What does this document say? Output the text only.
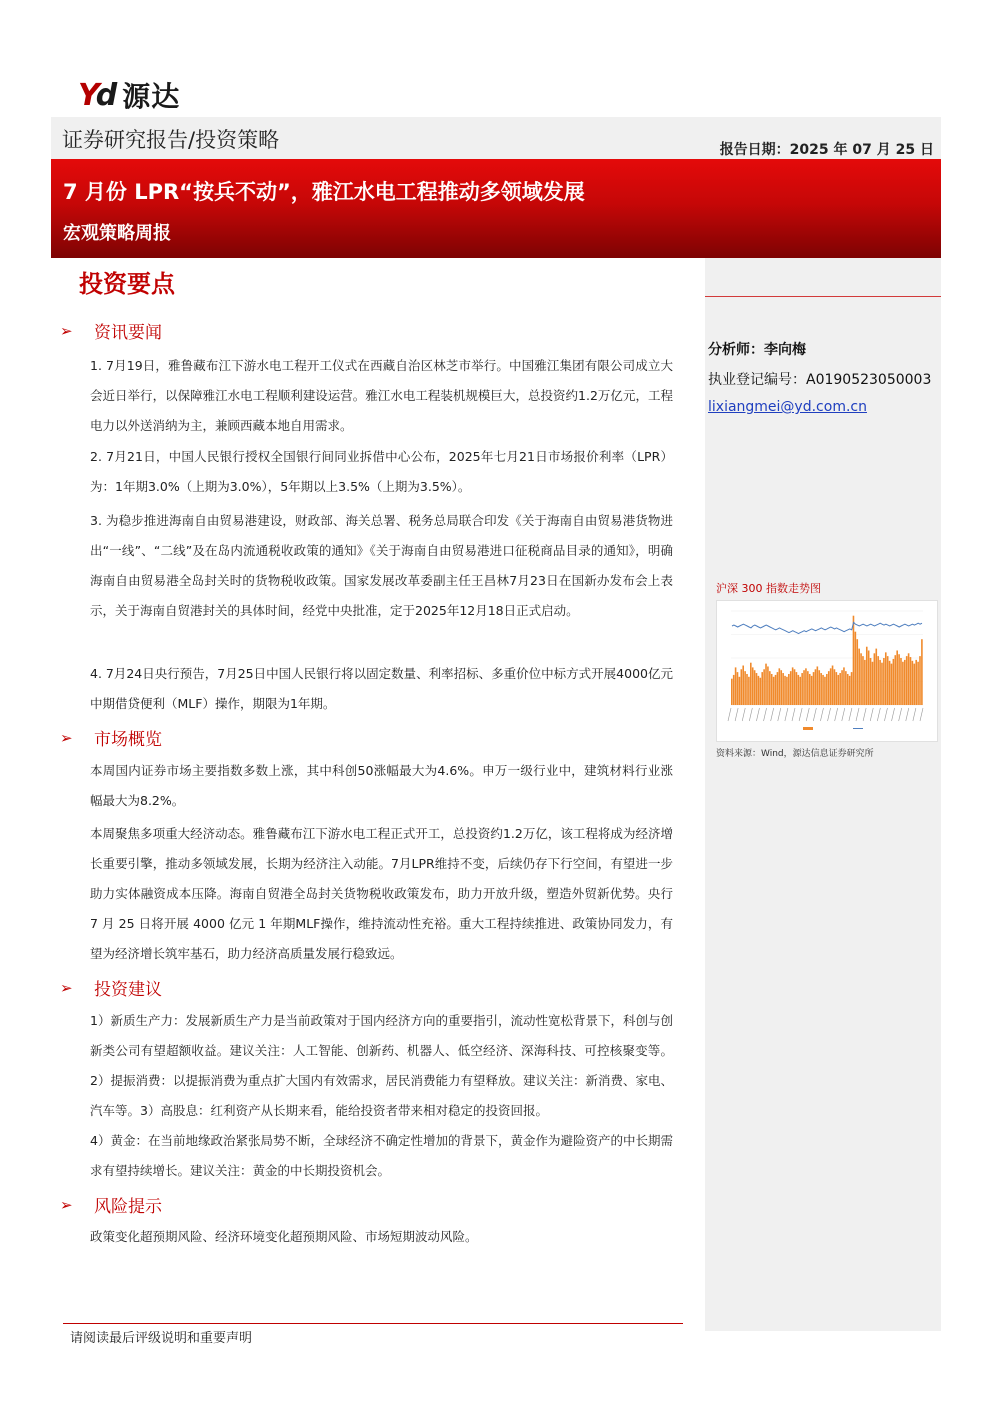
Y
d 源达
证券研究报告/投资策略	报告日期：2025 年 07 月 25 日
7 月份 LPR“按兵不动”，雅江水电工程推动多领域发展
宏观策略周报
分析师：李向梅
执业登记编号：A0190523050003
lixiangmei@yd.com.cn
沪深 300 指数走势图
资料来源：Wind，源达信息证券研究所
投资要点
➢	资讯要闻

1. 7月19日，雅鲁藏布江下游水电工程开工仪式在西藏自治区林芝市举行。中国雅江集团有限公司成立大会近日举行，以保障雅江水电工程顺利建设运营。雅江水电工程装机规模巨大，总投资约1.2万亿元，工程电力以外送消纳为主，兼顾西藏本地自用需求。

2. 7月21日，中国人民银行授权全国银行间同业拆借中心公布，2025年七月21日市场报价利率（LPR）为：1年期3.0%（上期为3.0%），5年期以上3.5%（上期为3.5%）。

3. 为稳步推进海南自由贸易港建设，财政部、海关总署、税务总局联合印发《关于海南自由贸易港货物进出“一线”、“二线”及在岛内流通税收政策的通知》《关于海南自由贸易港进口征税商品目录的通知》，明确海南自由贸易港全岛封关时的货物税收政策。国家发展改革委副主任王昌林7月23日在国新办发布会上表示，关于海南自贸港封关的具体时间，经党中央批准，定于2025年12月18日正式启动。

4. 7月24日央行预告，7月25日中国人民银行将以固定数量、利率招标、多重价位中标方式开展4000亿元中期借贷便利（MLF）操作，期限为1年期。

➢	市场概览

本周国内证券市场主要指数多数上涨，其中科创50涨幅最大为4.6%。申万一级行业中，建筑材料行业涨幅最大为8.2%。

本周聚焦多项重大经济动态。雅鲁藏布江下游水电工程正式开工，总投资约1.2万亿，该工程将成为经济增长重要引擎，推动多领域发展，长期为经济注入动能。7月LPR维持不变，后续仍存下行空间，有望进一步助力实体融资成本压降。海南自贸港全岛封关货物税收政策发布，助力开放升级，塑造外贸新优势。央行 7 月 25 日将开展 4000 亿元 1 年期MLF操作，维持流动性充裕。重大工程持续推进、政策协同发力，有望为经济增长筑牢基石，助力经济高质量发展行稳致远。

➢	投资建议

1）新质生产力：发展新质生产力是当前政策对于国内经济方向的重要指引，流动性宽松背景下，科创与创新类公司有望超额收益。建议关注：人工智能、创新药、机器人、低空经济、深海科技、可控核聚变等。2）提振消费：以提振消费为重点扩大国内有效需求，居民消费能力有望释放。建议关注：新消费、家电、汽车等。3）高股息：红利资产从长期来看，能给投资者带来相对稳定的投资回报。

4）黄金：在当前地缘政治紧张局势不断，全球经济不确定性增加的背景下，黄金作为避险资产的中长期需求有望持续增长。建议关注：黄金的中长期投资机会。

➢	风险提示

政策变化超预期风险、经济环境变化超预期风险、市场短期波动风险。

请阅读最后评级说明和重要声明
